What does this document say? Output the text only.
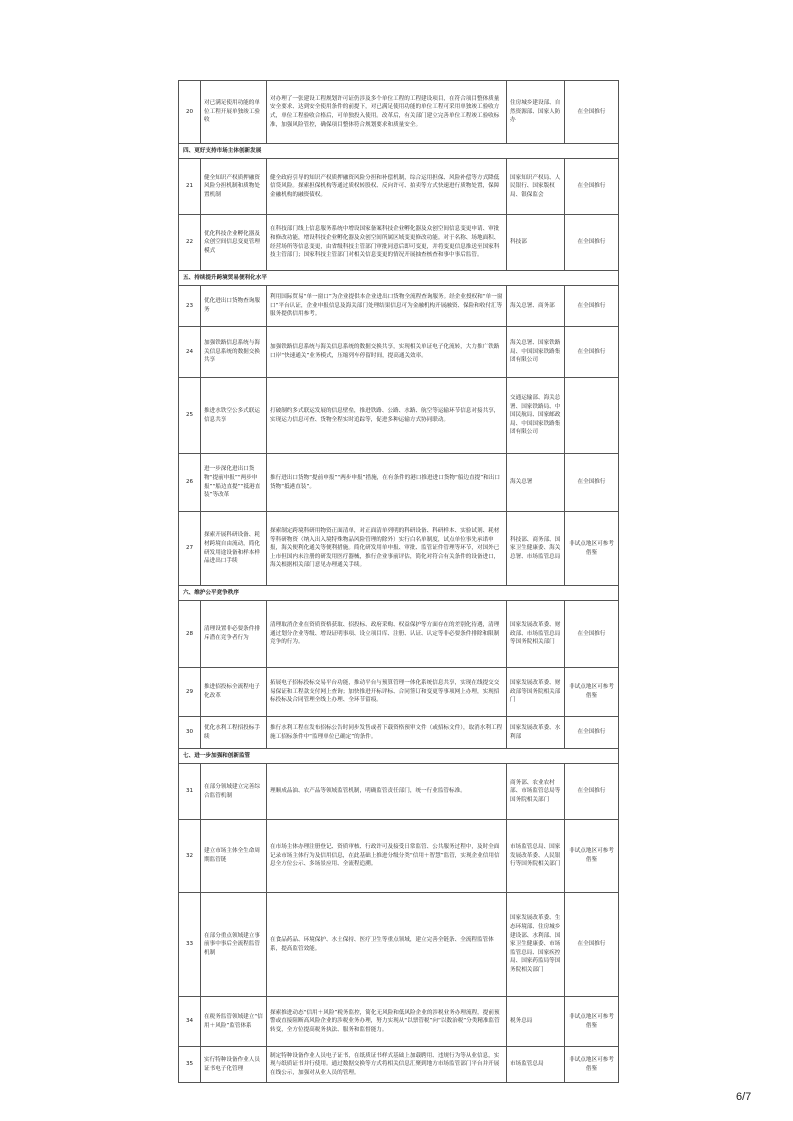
20	对已满足使用功能的单位工程开展单独竣工验收	对办理了一张建设工程规划许可证仍涉及多个单位工程的工程建设项目，在符合项目整体质量安全要求、达到安全使用条件的前提下，对已满足使用功能的单位工程可采用单独竣工验收方式，单位工程验收合格后，可单独投入使用。改革后，有关部门建立完善单位工程竣工验收标准，加强风险管控，确保项目整体符合规划要求和质量安全。	住房城乡建设部、自然资源部、国家人防办	在全国推行
四、更好支持市场主体创新发展				
21	健全知识产权质押融资风险分担机制和质物处置机制	健全政府引导的知识产权质押融资风险分担和补偿机制，综合运用担保、风险补偿等方式降低信贷风险。探索担保机构等通过质权转股权、反向许可、拍卖等方式快速进行质物处置，保障金融机构的融资债权。	国家知识产权局、人民银行、国家版权局、银保监会	在全国推行
22	优化科技企业孵化器及众创空间信息变更管理模式	在科技部门线上信息服务系统中增设国家备案科技企业孵化器及众创空间信息变更申请、审批和修改功能，增设科技企业孵化器及众创空间所属区域变更修改功能。对于名称、场地面积、经营场所等信息变更，由省级科技主管部门审批同意后即可变更，并将变更信息推送至国家科技主管部门；国家科技主管部门对相关信息变更的情况开展抽查核查和事中事后监管。	科技部	在全国推行
五、持续提升跨境贸易便利化水平				
23	优化进出口货物查询服务	利用国际贸易“单一窗口”为企业提供本企业进出口货物全流程查询服务。经企业授权和“单一窗口”平台认证，企业申报信息及海关部门处理结果信息可为金融机构开展融资、保险和收付汇等服务提供信用参考。	海关总署、商务部	在全国推行
24	加强铁路信息系统与海关信息系统的数据交换共享	加强铁路信息系统与海关信息系统的数据交换共享，实现相关单证电子化流转，大力推广铁路口岸“快速通关”业务模式，压缩列车停留时间，提高通关效率。	海关总署、国家铁路局、中国国家铁路集团有限公司	在全国推行
25	推进水铁空公多式联运信息共享	打破制约多式联运发展的信息壁垒，推进铁路、公路、水路、航空等运输环节信息对接共享，实现运力信息可查、货物全程实时追踪等，促进多种运输方式协同联动。	交通运输部、海关总署、国家铁路局、中国民航局、国家邮政局、中国国家铁路集团有限公司	
26	进一步深化进出口货物“提前申报”“两步申报”“船边直提”“抵港直装”等改革	推行进出口货物“提前申报”“两步申报”措施，在有条件的港口推进进口货物“船边直提”和出口货物“抵港直装”。	海关总署	在全国推行
27	探索开展科研设备、耗材跨境自由流动，简化研发用途设备和样本样品进出口手续	探索制定跨境科研用物资正面清单，对正面清单列明的科研设备、科研样本、实验试剂、耗材等科研物资（纳入出入境特殊物品风险管理的除外）实行白名单制度，试点单位事先承诺申报，海关便利化通关等便利措施。简化研发用单申报、审批、监管证件管理等环节，对国外已上市但国内未注册的研发用医疗器械，推行企业事前评估，简化对符合有关条件的设备进口，海关根据相关部门意见办理通关手续。	科技部、商务部、国家卫生健康委、海关总署、市场监管总局	非试点地区可参考借鉴
六、维护公平竞争秩序				
28	清理设置非必要条件排斥潜在竞争者行为	清理取消企业在资质资格获取、招投标、政府采购、权益保护等方面存在的差别化待遇，清理通过划分企业等级、增设证明事项、设立项目库、注册、认证、认定等非必要条件排除和限制竞争的行为。	国家发展改革委、财政部、市场监管总局等国务院相关部门	在全国推行
29	推进招投标全流程电子化改革	拓展电子招标投标交易平台功能，推动平台与预算管理一体化系统信息共享，实现在线提交交易保证和工程款支付网上查询；加快推进开标评标、合同签订和变更等事项网上办理，实现招标投标及合同管理全线上办理、全环节留痕。	国家发展改革委、财政部等国务院相关部门	非试点地区可参考借鉴
30	优化水利工程招投标手续	推行水利工程在发布招标公告时同步发售或者下载资格预审文件（或招标文件），取消水利工程施工招标条件中“监理单位已确定”的条件。	国家发展改革委、水利部	在全国推行
七、进一步加强和创新监管				
31	在部分领域建立完善综合监管机制	理顺成品油、农产品等领域监管机制，明确监管责任部门，统一行业监管标准。	商务部、农业农村部、市场监管总局等国务院相关部门	在全国推行
32	建立市场主体全生命周期监管链	在市场主体办理注册登记、资质审核、行政许可及接受日常监管、公共服务过程中，及时全面记录市场主体行为及信用信息，在此基础上推进分级分类“信用＋智慧”监管，实现企业信用信息全方位公示、多场景应用、全流程追溯。	市场监管总局、国家发展改革委、人民银行等国务院相关部门	非试点地区可参考借鉴
33	在部分重点领域建立事前事中事后全流程监管机制	在食品药品、环境保护、水土保持、医疗卫生等重点领域，建立完善全链条、全流程监管体系，提高监管效能。	国家发展改革委、生态环境部、住房城乡建设部、水利部、国家卫生健康委、市场监管总局、国家疾控局、国家药监局等国务院相关部门	在全国推行
34	在税务监管领域建立“信用＋风险”监管体系	探索推进动态“信用＋风险”税务监控，简化无风险和低风险企业的涉税业务办理流程，提前预警或直接阻断高风险企业的涉税业务办理，努力实现从“以票管税”向“以数治税”分类精准监管转变，全方位提高税务执法、服务和监督能力。	税务总局	非试点地区可参考借鉴
35	实行特种设备作业人员证书电子化管理	制定特种设备作业人员电子证书，在纸质证书样式基础上加载聘用、违规行为等从业信息，实现与纸质证书并行使用。通过数据交换等方式将相关信息汇聚到地方市场监管部门平台并开展在线公示，加强对从业人员的管理。	市场监管总局	非试点地区可参考借鉴
6/7
